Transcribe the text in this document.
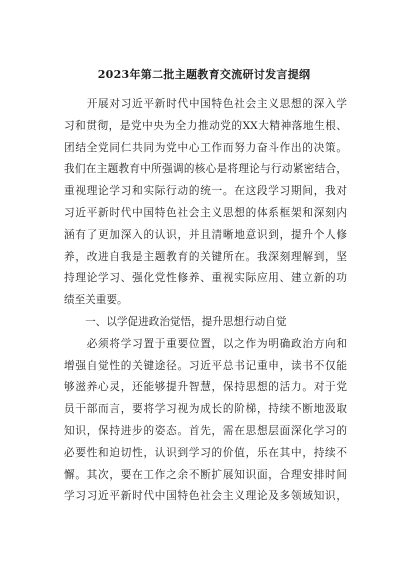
2023年第二批主题教育交流研讨发言提纲
　　开展对习近平新时代中国特色社会主义思想的深入学
习和贯彻，是党中央为全力推动党的XX大精神落地生根、
团结全党同仁共同为党中心工作而努力奋斗作出的决策。
我们在主题教育中所强调的核心是将理论与行动紧密结合，
重视理论学习和实际行动的统一。在这段学习期间，我对
习近平新时代中国特色社会主义思想的体系框架和深刻内
涵有了更加深入的认识，并且清晰地意识到，提升个人修
养，改进自我是主题教育的关键所在。我深刻理解到，坚
持理论学习、强化党性修养、重视实际应用、建立新的功
绩至关重要。
　　一、以学促进政治觉悟，提升思想行动自觉
　　必须将学习置于重要位置，以之作为明确政治方向和
增强自觉性的关键途径。习近平总书记重申，读书不仅能
够滋养心灵，还能够提升智慧，保持思想的活力。对于党
员干部而言，要将学习视为成长的阶梯，持续不断地汲取
知识，保持进步的姿态。首先，需在思想层面深化学习的
必要性和迫切性，认识到学习的价值，乐在其中，持续不
懈。其次，要在工作之余不断扩展知识面，合理安排时间
学习习近平新时代中国特色社会主义理论及多领域知识，
